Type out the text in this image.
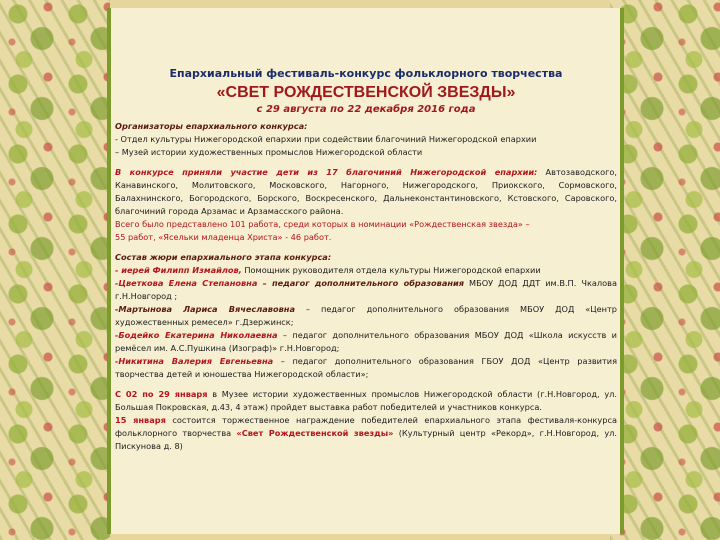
Епархиальный фестиваль-конкурс фольклорного творчества

«СВЕТ РОЖДЕСТВЕНСКОЙ ЗВЕЗДЫ»

с 29 августа по 22 декабря 2016 года

Организаторы епархиального конкурса:

- Отдел культуры Нижегородской епархии при содействии благочиний Нижегородской епархии

– Музей истории художественных промыслов Нижегородской области

В конкурсе приняли участие дети из 17 благочиний Нижегородской епархии: Автозаводского, Канавинского, Молитовского, Московского, Нагорного, Нижегородского, Приокского, Сормовского, Балахнинского, Богородского, Борского, Воскресенского, Дальнеконстантиновского, Кстовского, Саровского, благочиний города Арзамас и Арзамасского района.

Всего было представлено 101 работа, среди которых в номинации «Рождественская звезда» –

55 работ, «Ясельки младенца Христа» - 46 работ.

Состав жюри епархиального этапа конкурса:

- иерей Филипп Измайлов, Помощник руководителя отдела культуры Нижегородской епархии

-Цветкова Елена Степановна – педагог дополнительного образования МБОУ ДОД ДДТ им.В.П. Чкалова г.Н.Новгород ;

-Мартынова Лариса Вячеславовна – педагог дополнительного образования МБОУ ДОД «Центр художественных ремесел» г.Дзержинск;

-Бодейко Екатерина Николаевна – педагог дополнительного образования МБОУ ДОД «Школа искусств и ремёсел им. А.С.Пушкина (Изограф)» г.Н.Новгород;

-Никитина Валерия Евгеньевна – педагог дополнительного образования ГБОУ ДОД «Центр развития творчества детей и юношества Нижегородской области»;

С 02 по 29 января в Музее истории художественных промыслов Нижегородской области (г.Н.Новгород, ул. Большая Покровская, д.43, 4 этаж) пройдет выставка работ победителей и участников конкурса.

15 января состоится торжественное награждение победителей епархиального этапа фестиваля-конкурса фольклорного творчества «Свет Рождественской звезды» (Культурный центр «Рекорд», г.Н.Новгород, ул. Пискунова д. 8)
